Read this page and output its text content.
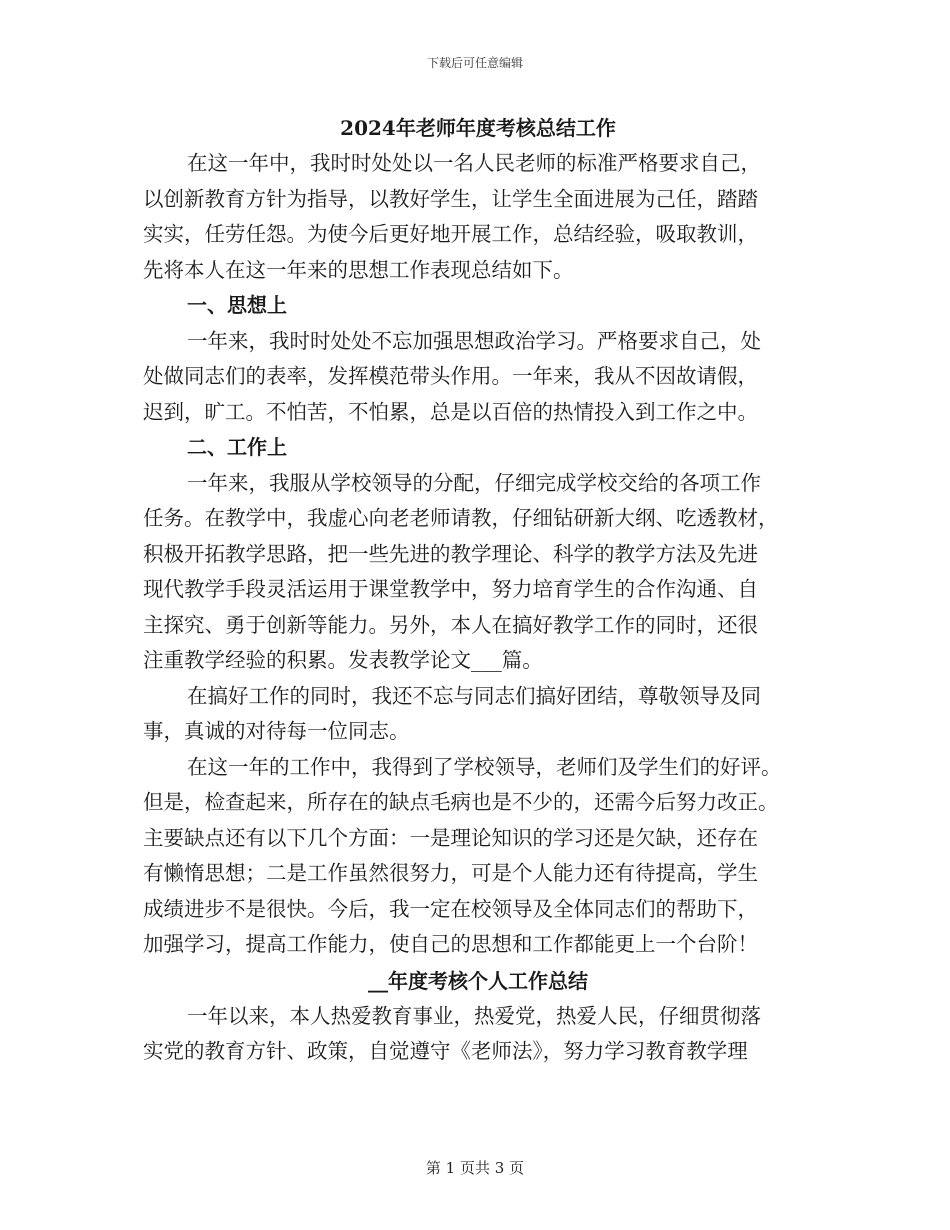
下载后可任意编辑
2024年老师年度考核总结工作
在这一年中，我时时处处以一名人民老师的标准严格要求自己，
以创新教育方针为指导，以教好学生，让学生全面进展为己任，踏踏
实实，任劳任怨。为使今后更好地开展工作，总结经验，吸取教训，
先将本人在这一年来的思想工作表现总结如下。
一、思想上
一年来，我时时处处不忘加强思想政治学习。严格要求自己，处
处做同志们的表率，发挥模范带头作用。一年来，我从不因故请假，
迟到，旷工。不怕苦，不怕累，总是以百倍的热情投入到工作之中。
二、工作上
一年来，我服从学校领导的分配，仔细完成学校交给的各项工作
任务。在教学中，我虚心向老老师请教，仔细钻研新大纲、吃透教材，
积极开拓教学思路，把一些先进的教学理论、科学的教学方法及先进
现代教学手段灵活运用于课堂教学中，努力培育学生的合作沟通、自
主探究、勇于创新等能力。另外，本人在搞好教学工作的同时，还很
注重教学经验的积累。发表教学论文___篇。
在搞好工作的同时，我还不忘与同志们搞好团结，尊敬领导及同
事，真诚的对待每一位同志。
在这一年的工作中，我得到了学校领导，老师们及学生们的好评。
但是，检查起来，所存在的缺点毛病也是不少的，还需今后努力改正。
主要缺点还有以下几个方面：一是理论知识的学习还是欠缺，还存在
有懒惰思想；二是工作虽然很努力，可是个人能力还有待提高，学生
成绩进步不是很快。今后，我一定在校领导及全体同志们的帮助下，
加强学习，提高工作能力，使自己的思想和工作都能更上一个台阶！
__年度考核个人工作总结
一年以来，本人热爱教育事业，热爱党，热爱人民，仔细贯彻落
实党的教育方针、政策，自觉遵守《老师法》，努力学习教育教学理
第 1 页共 3 页
